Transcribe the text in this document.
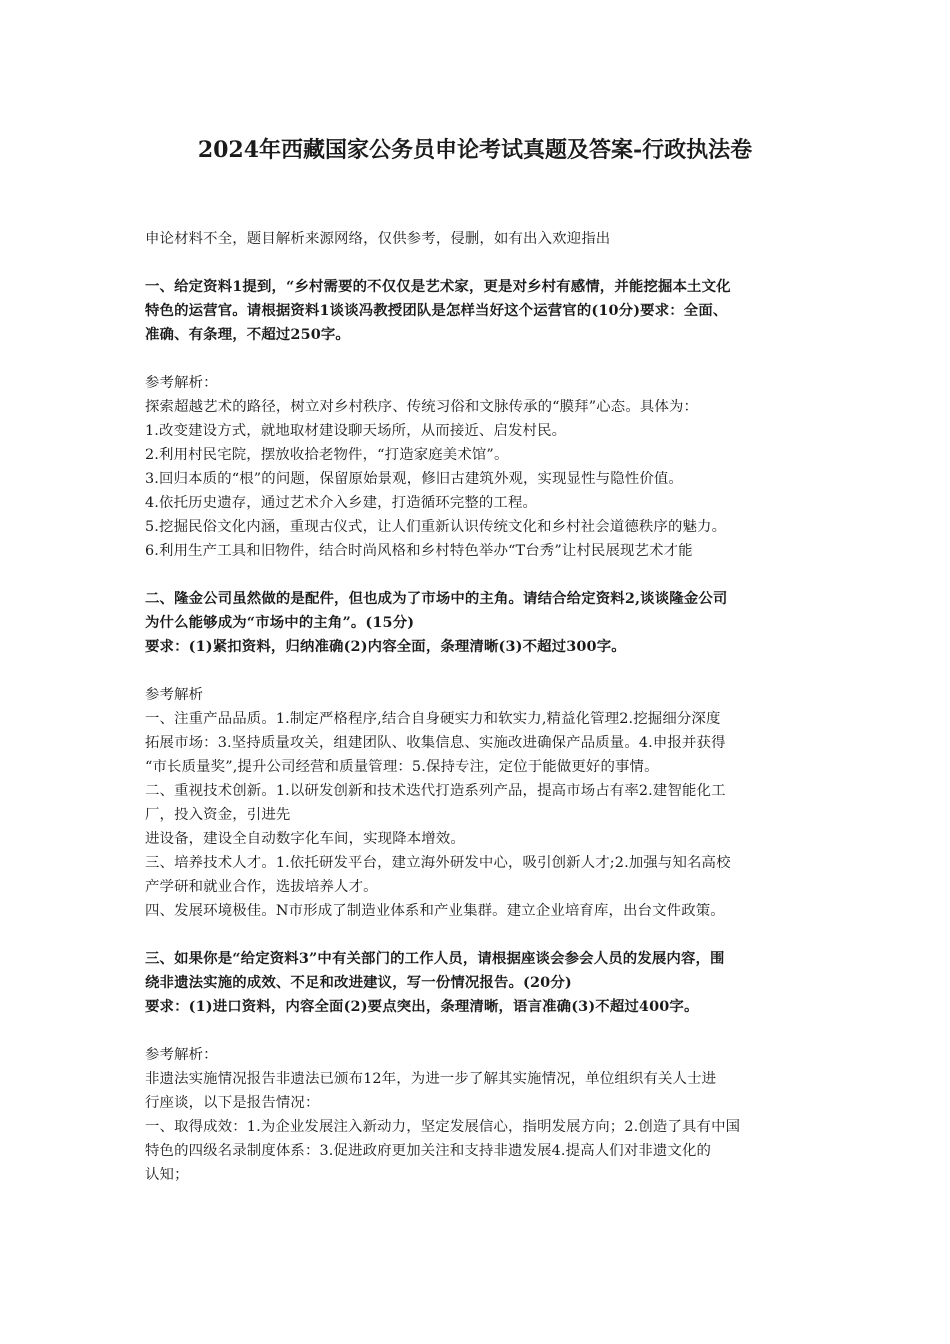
2024年西藏国家公务员申论考试真题及答案-行政执法卷

申论材料不全，题目解析来源网络，仅供参考，侵删，如有出入欢迎指出

一、给定资料1提到，“乡村需要的不仅仅是艺术家，更是对乡村有感情，并能挖掘本土文化

特色的运营官。请根据资料1谈谈冯教授团队是怎样当好这个运营官的(10分)要求：全面、

准确、有条理，不超过250字。

参考解析：

探索超越艺术的路径，树立对乡村秩序、传统习俗和文脉传承的“膜拜”心态。具体为：

1.改变建设方式，就地取材建设聊天场所，从而接近、启发村民。

2.利用村民宅院，摆放收拾老物件，“打造家庭美术馆”。

3.回归本质的“根”的问题，保留原始景观，修旧古建筑外观，实现显性与隐性价值。

4.依托历史遗存，通过艺术介入乡建，打造循环完整的工程。

5.挖掘民俗文化内涵，重现古仪式，让人们重新认识传统文化和乡村社会道德秩序的魅力。

6.利用生产工具和旧物件，结合时尚风格和乡村特色举办“T台秀”让村民展现艺术才能

二、隆金公司虽然做的是配件，但也成为了市场中的主角。请结合给定资料2,谈谈隆金公司

为什么能够成为“市场中的主角”。(15分)

要求：(1)紧扣资料，归纳准确(2)内容全面，条理清晰(3)不超过300字。

参考解析

一、注重产品品质。1.制定严格程序,结合自身硬实力和软实力,精益化管理2.挖掘细分深度

拓展市场：3.坚持质量攻关，组建团队、收集信息、实施改进确保产品质量。4.申报并获得

“市长质量奖”,提升公司经营和质量管理：5.保持专注，定位于能做更好的事情。

二、重视技术创新。1.以研发创新和技术迭代打造系列产品，提高市场占有率2.建智能化工

厂，投入资金，引进先

进设备，建设全自动数字化车间，实现降本增效。

三、培养技术人才。1.依托研发平台，建立海外研发中心，吸引创新人才;2.加强与知名高校

产学研和就业合作，选拔培养人才。

四、发展环境极佳。N市形成了制造业体系和产业集群。建立企业培育库，出台文件政策。

三、如果你是“给定资料3”中有关部门的工作人员，请根据座谈会参会人员的发展内容，围

绕非遗法实施的成效、不足和改进建议，写一份情况报告。(20分)

要求：(1)进口资料，内容全面(2)要点突出，条理清晰，语言准确(3)不超过400字。

参考解析：

非遗法实施情况报告非遗法已颁布12年，为进一步了解其实施情况，单位组织有关人士进

行座谈，以下是报告情况：

一、取得成效：1.为企业发展注入新动力，坚定发展信心，指明发展方向；2.创造了具有中国

特色的四级名录制度体系：3.促进政府更加关注和支持非遗发展4.提高人们对非遗文化的

认知；
